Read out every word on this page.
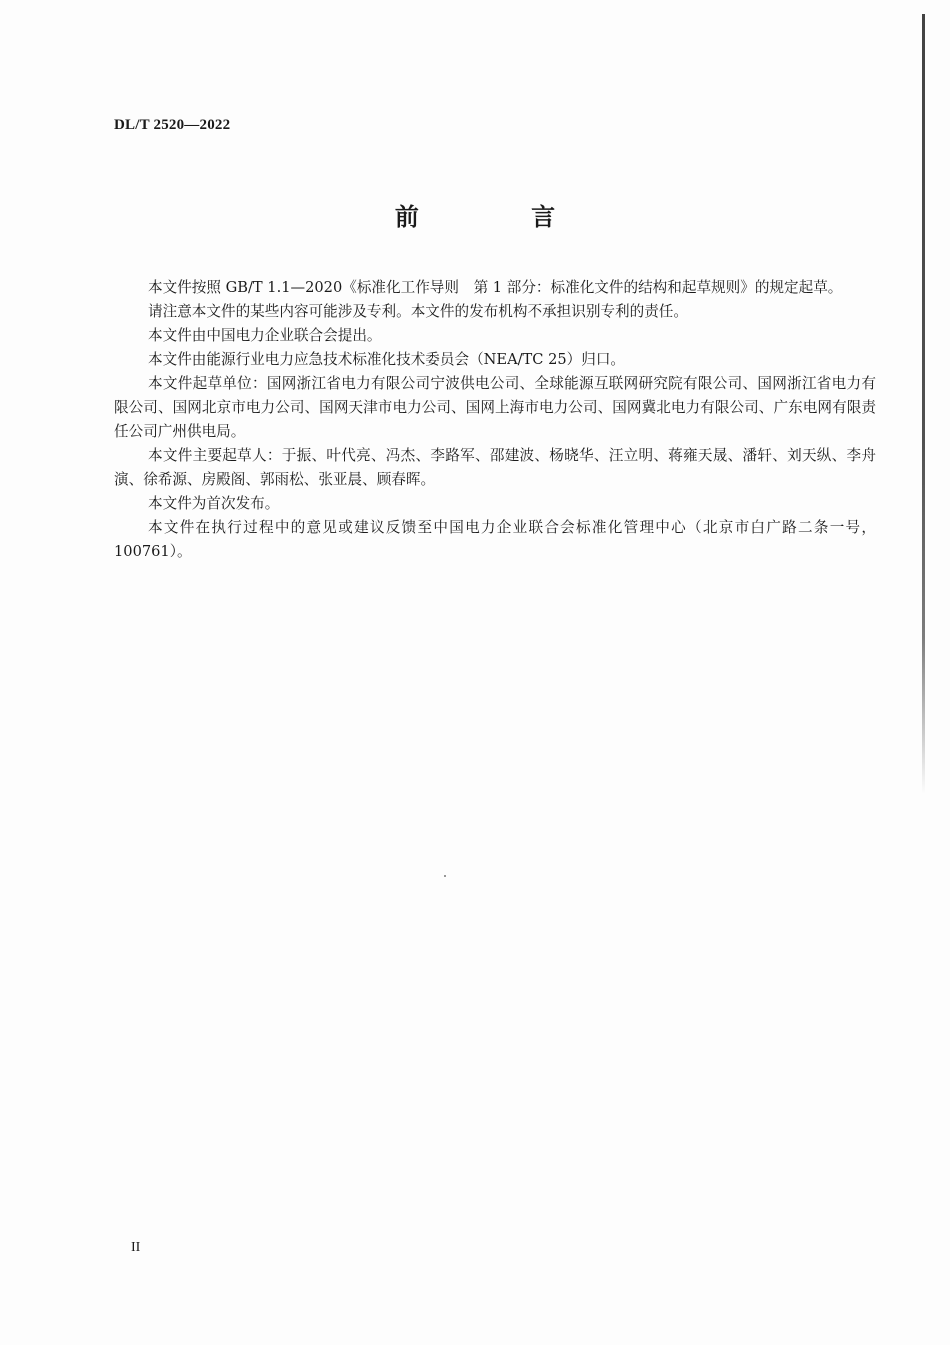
DL/T 2520—2022
前 言

本文件按照 GB/T 1.1—2020《标准化工作导则　第 1 部分：标准化文件的结构和起草规则》的规定起草。

请注意本文件的某些内容可能涉及专利。本文件的发布机构不承担识别专利的责任。

本文件由中国电力企业联合会提出。

本文件由能源行业电力应急技术标准化技术委员会（NEA/TC 25）归口。

本文件起草单位：国网浙江省电力有限公司宁波供电公司、全球能源互联网研究院有限公司、国网浙江省电力有限公司、国网北京市电力公司、国网天津市电力公司、国网上海市电力公司、国网冀北电力有限公司、广东电网有限责任公司广州供电局。

本文件主要起草人：于振、叶代亮、冯杰、李路军、邵建波、杨晓华、汪立明、蒋雍天晟、潘轩、刘天纵、李舟演、徐希源、房殿阁、郭雨松、张亚晨、顾春晖。

本文件为首次发布。

本文件在执行过程中的意见或建议反馈至中国电力企业联合会标准化管理中心（北京市白广路二条一号，100761）。

II
